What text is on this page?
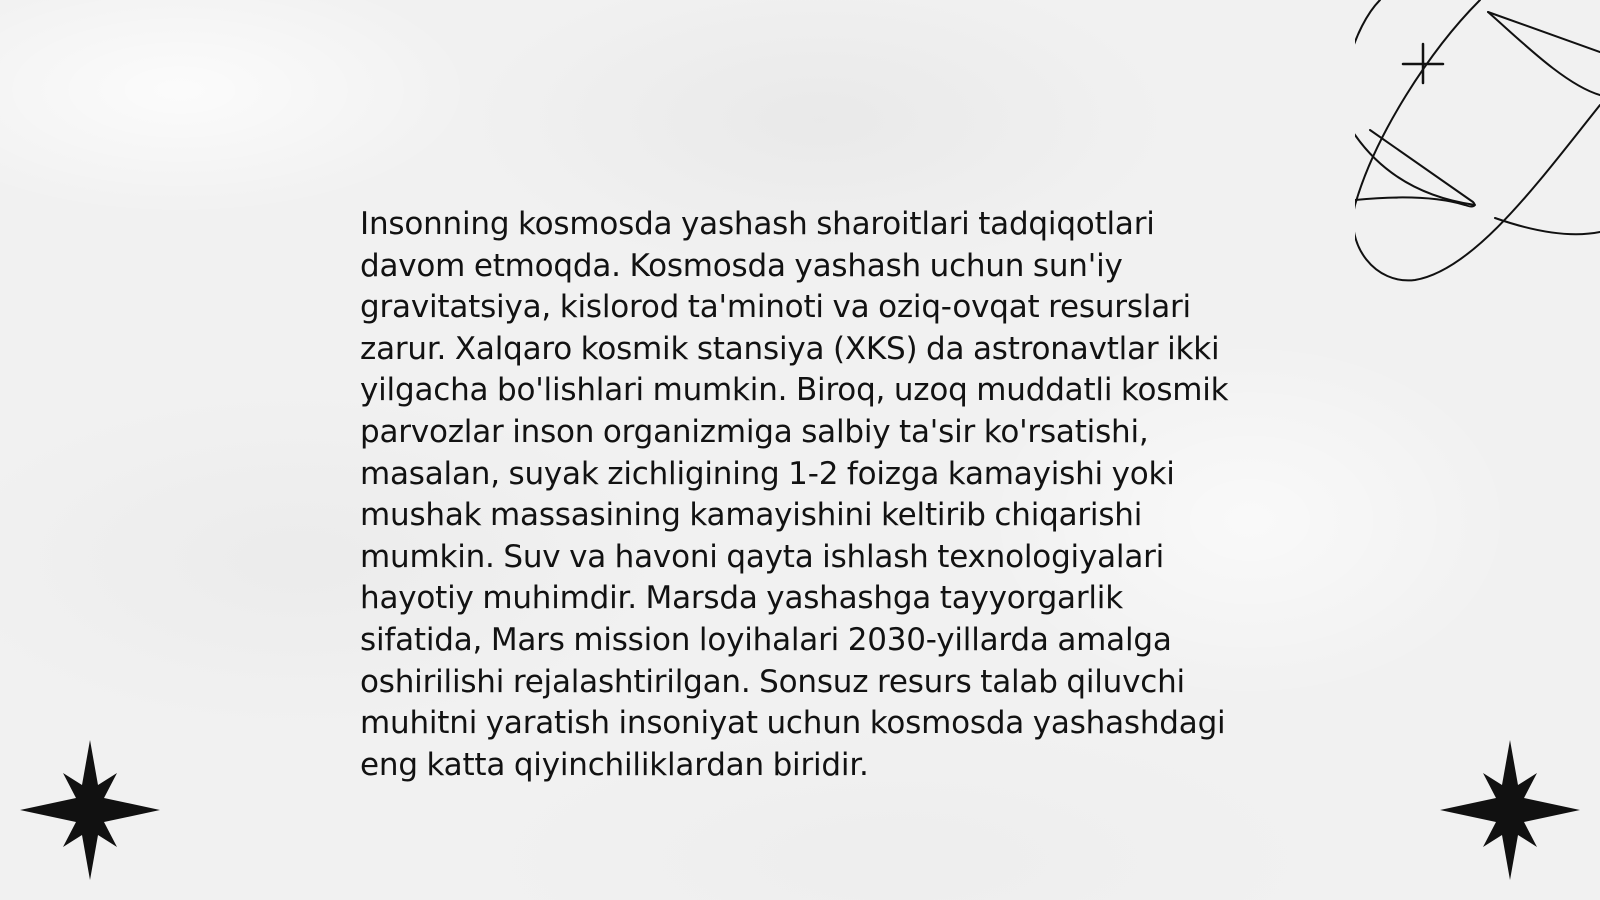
Insonning kosmosda yashash sharoitlari tadqiqotlari davom etmoqda. Kosmosda yashash uchun sun'iy gravitatsiya, kislorod ta'minoti va oziq-ovqat resurslari zarur. Xalqaro kosmik stansiya (XKS) da astronavtlar ikki yilgacha bo'lishlari mumkin. Biroq, uzoq muddatli kosmik parvozlar inson organizmiga salbiy ta'sir ko'rsatishi, masalan, suyak zichligining 1-2 foizga kamayishi yoki mushak massasining kamayishini keltirib chiqarishi mumkin. Suv va havoni qayta ishlash texnologiyalari hayotiy muhimdir. Marsda yashashga tayyorgarlik sifatida, Mars mission loyihalari 2030-yillarda amalga oshirilishi rejalashtirilgan. Sonsuz resurs talab qiluvchi muhitni yaratish insoniyat uchun kosmosda yashashdagi eng katta qiyinchiliklardan biridir.
